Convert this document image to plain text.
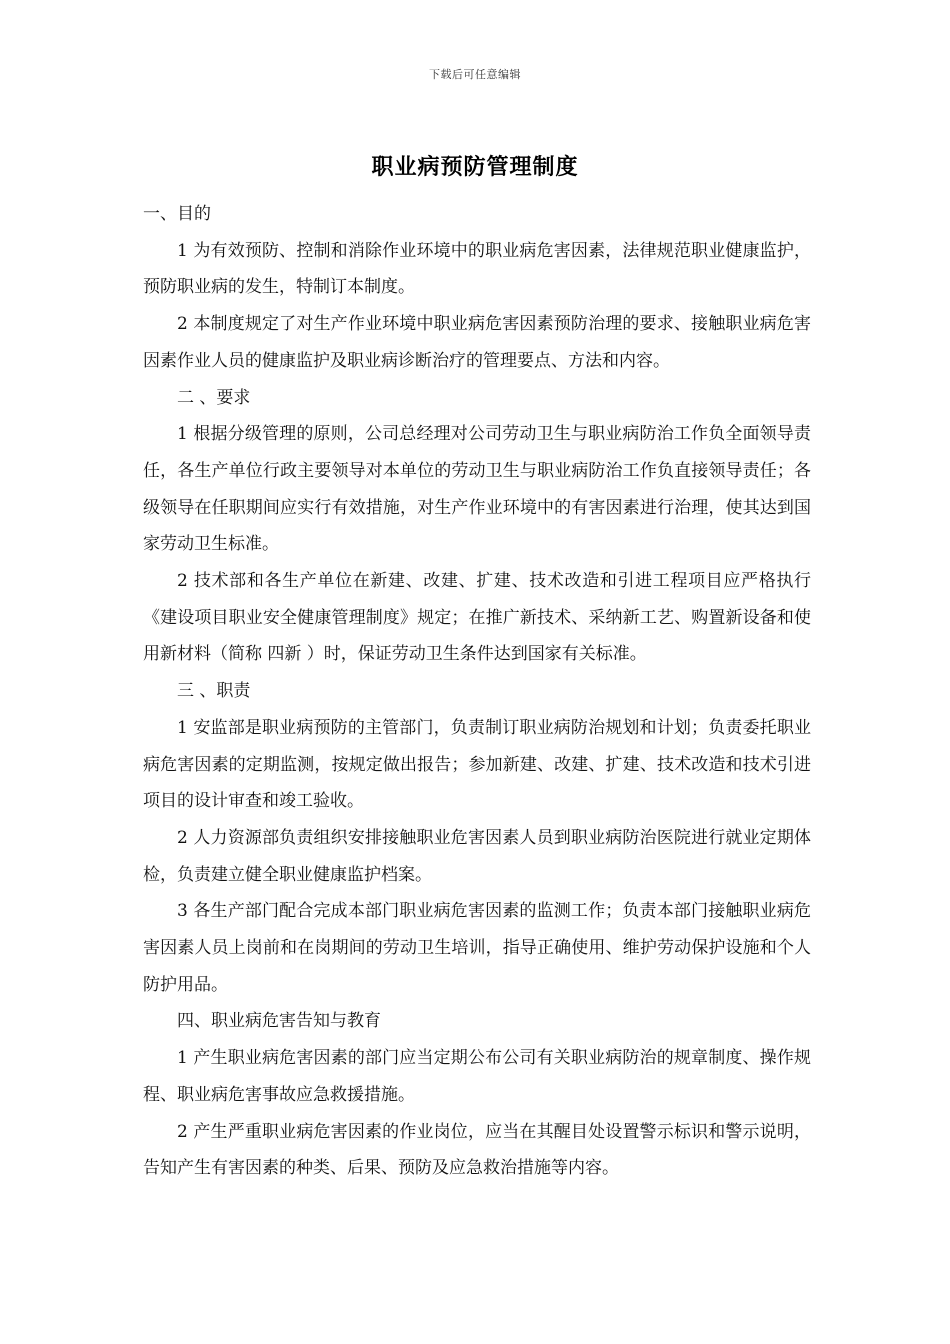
下载后可任意编辑
职业病预防管理制度

一、目的

1 为有效预防、控制和消除作业环境中的职业病危害因素，法律规范职业健康监护，预防职业病的发生，特制订本制度。

2 本制度规定了对生产作业环境中职业病危害因素预防治理的要求、接触职业病危害因素作业人员的健康监护及职业病诊断治疗的管理要点、方法和内容。

二 、要求

1 根据分级管理的原则，公司总经理对公司劳动卫生与职业病防治工作负全面领导责任，各生产单位行政主要领导对本单位的劳动卫生与职业病防治工作负直接领导责任；各级领导在任职期间应实行有效措施，对生产作业环境中的有害因素进行治理，使其达到国家劳动卫生标准。

2 技术部和各生产单位在新建、改建、扩建、技术改造和引进工程项目应严格执行《建设项目职业安全健康管理制度》规定；在推广新技术、采纳新工艺、购置新设备和使用新材料（简称 四新 ）时，保证劳动卫生条件达到国家有关标准。

三 、职责

1 安监部是职业病预防的主管部门，负责制订职业病防治规划和计划；负责委托职业病危害因素的定期监测，按规定做出报告；参加新建、改建、扩建、技术改造和技术引进项目的设计审查和竣工验收。

2 人力资源部负责组织安排接触职业危害因素人员到职业病防治医院进行就业定期体检，负责建立健全职业健康监护档案。

3 各生产部门配合完成本部门职业病危害因素的监测工作；负责本部门接触职业病危害因素人员上岗前和在岗期间的劳动卫生培训，指导正确使用、维护劳动保护设施和个人防护用品。

四、职业病危害告知与教育

1 产生职业病危害因素的部门应当定期公布公司有关职业病防治的规章制度、操作规程、职业病危害事故应急救援措施。

2 产生严重职业病危害因素的作业岗位，应当在其醒目处设置警示标识和警示说明，告知产生有害因素的种类、后果、预防及应急救治措施等内容。
